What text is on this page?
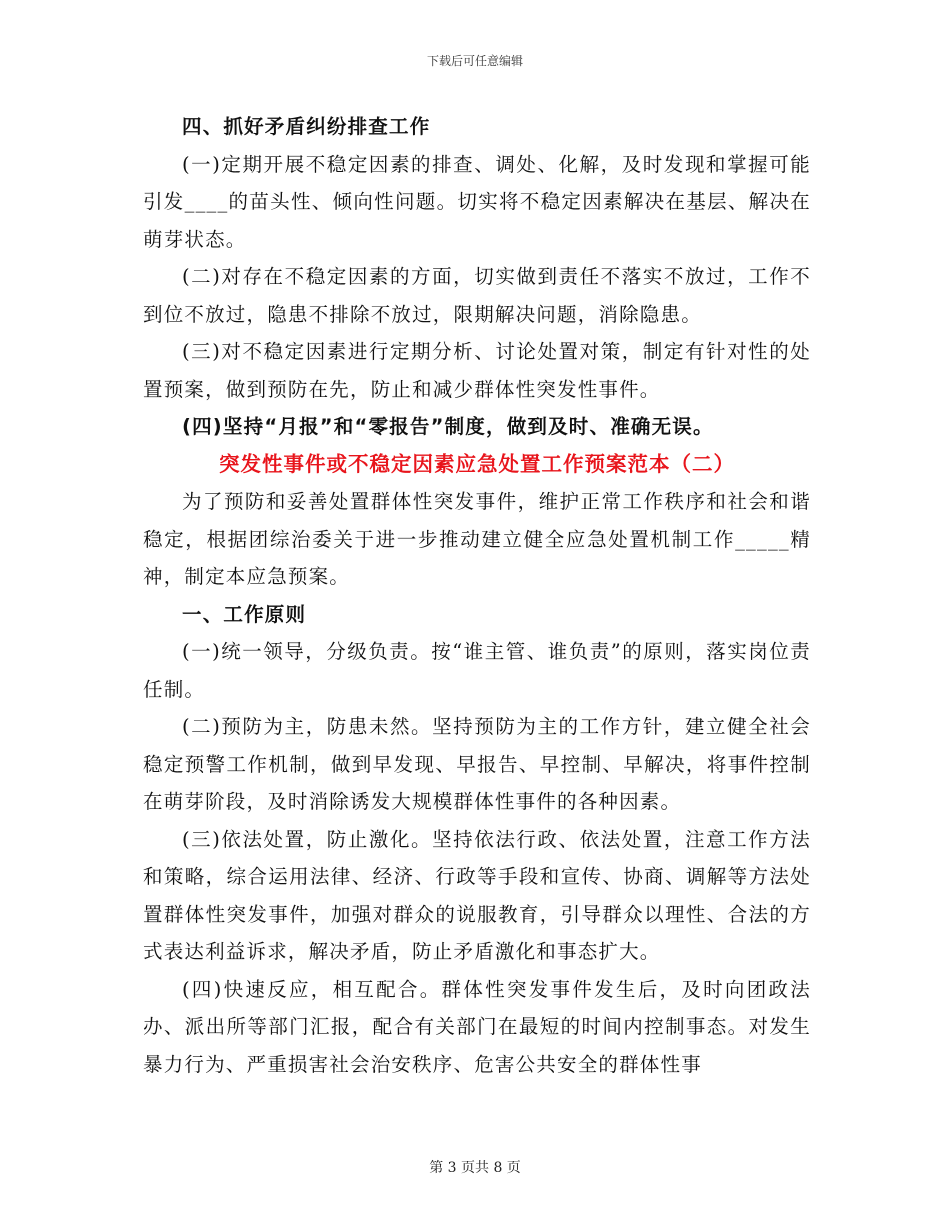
下载后可任意编辑

四、抓好矛盾纠纷排查工作

(一)定期开展不稳定因素的排查、调处、化解，及时发现和掌握可能引发____的苗头性、倾向性问题。切实将不稳定因素解决在基层、解决在萌芽状态。

(二)对存在不稳定因素的方面，切实做到责任不落实不放过，工作不到位不放过，隐患不排除不放过，限期解决问题，消除隐患。

(三)对不稳定因素进行定期分析、讨论处置对策，制定有针对性的处置预案，做到预防在先，防止和减少群体性突发性事件。

(四)坚持“月报”和“零报告”制度，做到及时、准确无误。

突发性事件或不稳定因素应急处置工作预案范本（二）

为了预防和妥善处置群体性突发事件，维护正常工作秩序和社会和谐稳定，根据团综治委关于进一步推动建立健全应急处置机制工作_____精神，制定本应急预案。

一、工作原则

(一)统一领导，分级负责。按“谁主管、谁负责”的原则，落实岗位责任制。

(二)预防为主，防患未然。坚持预防为主的工作方针，建立健全社会稳定预警工作机制，做到早发现、早报告、早控制、早解决，将事件控制在萌芽阶段，及时消除诱发大规模群体性事件的各种因素。

(三)依法处置，防止激化。坚持依法行政、依法处置，注意工作方法和策略，综合运用法律、经济、行政等手段和宣传、协商、调解等方法处置群体性突发事件，加强对群众的说服教育，引导群众以理性、合法的方式表达利益诉求，解决矛盾，防止矛盾激化和事态扩大。

(四)快速反应，相互配合。群体性突发事件发生后，及时向团政法办、派出所等部门汇报，配合有关部门在最短的时间内控制事态。对发生暴力行为、严重损害社会治安秩序、危害公共安全的群体性事

第 3 页共 8 页
